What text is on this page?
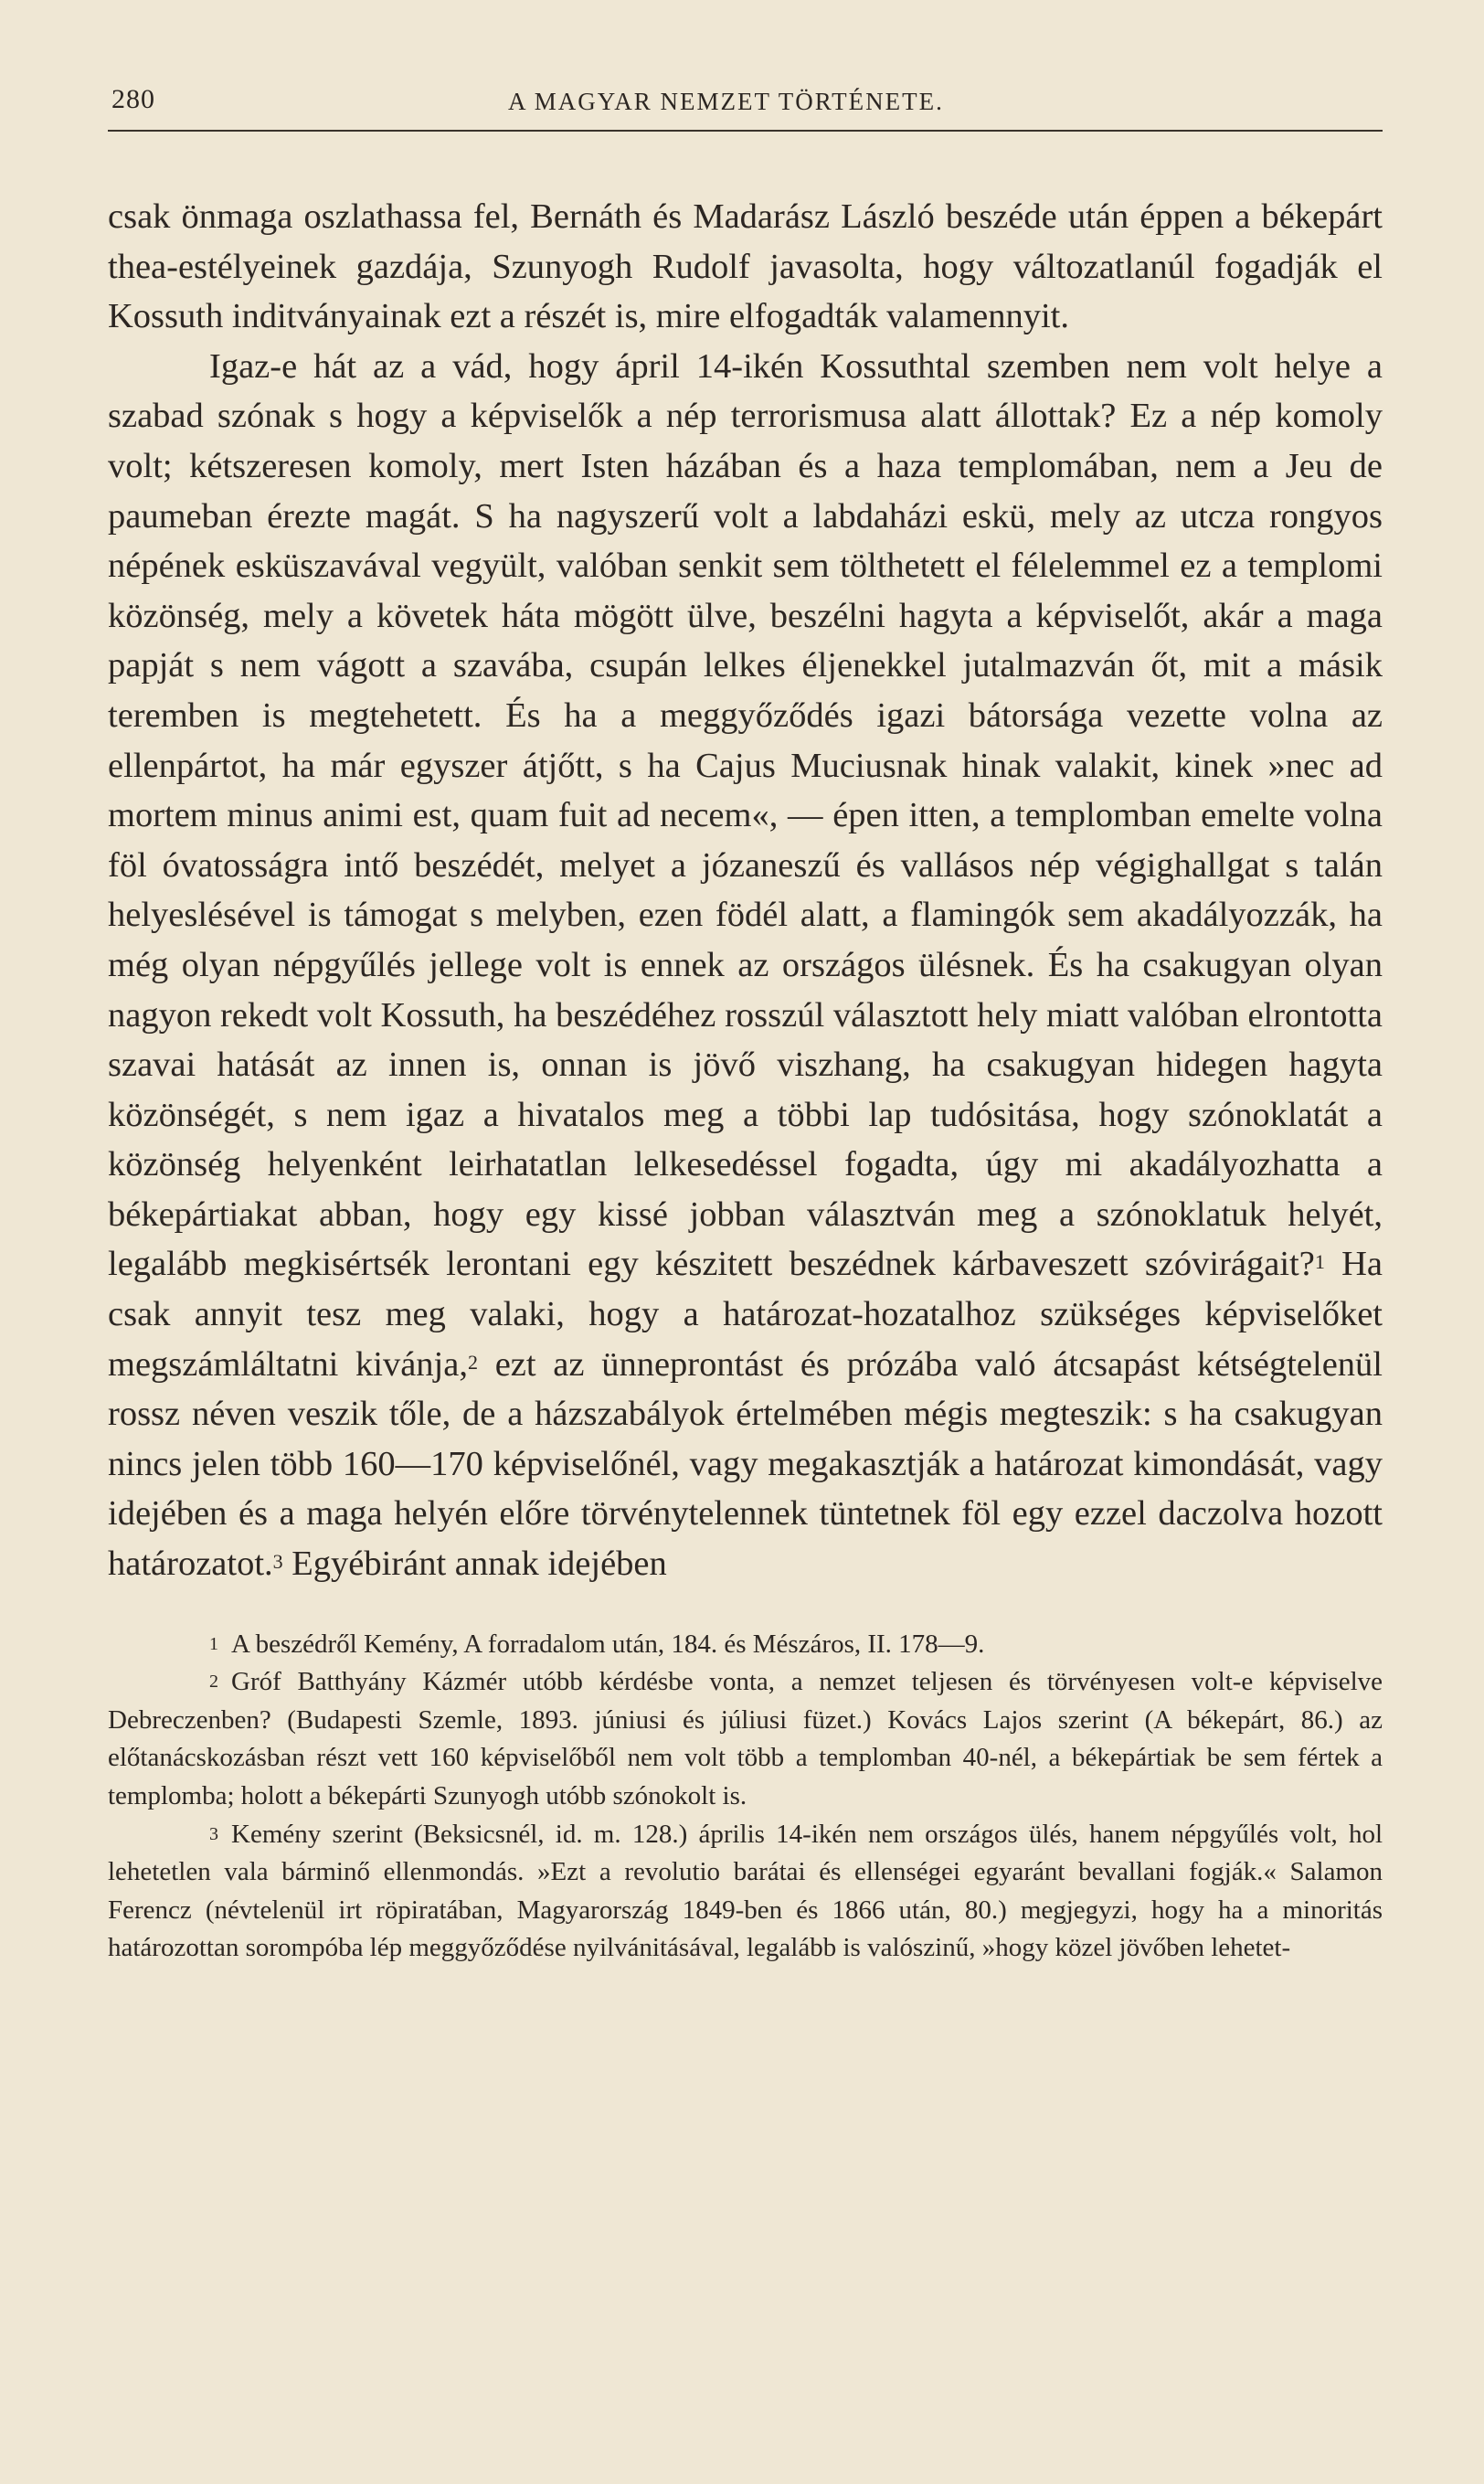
280	A MAGYAR NEMZET TÖRTÉNETE.

csak önmaga oszlathassa fel, Bernáth és Madarász László beszéde után éppen a békepárt thea-estélyeinek gazdája, Szunyogh Rudolf javasolta, hogy változatlanúl fogadják el Kossuth inditványainak ezt a részét is, mire elfogadták valamennyit.

Igaz-e hát az a vád, hogy ápril 14-ikén Kossuthtal szemben nem volt helye a szabad szónak s hogy a képviselők a nép terrorismusa alatt állottak? Ez a nép komoly volt; kétszeresen komoly, mert Isten házában és a haza templomában, nem a Jeu de paumeban érezte magát. S ha nagyszerű volt a labdaházi eskü, mely az utcza rongyos népének esküszavával vegyült, valóban senkit sem tölthetett el félelemmel ez a templomi közönség, mely a követek háta mögött ülve, beszélni hagyta a képviselőt, akár a maga papját s nem vágott a szavába, csupán lelkes éljenekkel jutalmazván őt, mit a másik teremben is megtehetett. És ha a meggyőződés igazi bátorsága vezette volna az ellenpártot, ha már egyszer átjőtt, s ha Cajus Muciusnak hinak valakit, kinek »nec ad mortem minus animi est, quam fuit ad necem«, — épen itten, a templomban emelte volna föl óvatosságra intő beszédét, melyet a józaneszű és vallásos nép végighallgat s talán helyeslésével is támogat s melyben, ezen födél alatt, a flamingók sem akadályozzák, ha még olyan népgyűlés jellege volt is ennek az országos ülésnek. És ha csakugyan olyan nagyon rekedt volt Kossuth, ha beszédéhez rosszúl választott hely miatt valóban elrontotta szavai hatását az innen is, onnan is jövő viszhang, ha csakugyan hidegen hagyta közönségét, s nem igaz a hivatalos meg a többi lap tudósitása, hogy szónoklatát a közönség helyenként leirhatatlan lelkesedéssel fogadta, úgy mi akadályozhatta a békepártiakat abban, hogy egy kissé jobban választván meg a szónoklatuk helyét, legalább megkisértsék lerontani egy készitett beszédnek kárbaveszett szóvirágait?$^1$ Ha csak annyit tesz meg valaki, hogy a határozat-hozatalhoz szükséges képviselőket megszámláltatni kivánja,$^2$ ezt az ünneprontást és prózába való átcsapást kétségtelenül rossz néven veszik tőle, de a házszabályok értelmében mégis megteszik: s ha csakugyan nincs jelen több 160—170 képviselőnél, vagy megakasztják a határozat kimondását, vagy idejében és a maga helyén előre törvénytelennek tüntetnek föl egy ezzel daczolva hozott határozatot.$^3$ Egyébiránt annak idejében

$^1$ A beszédről Kemény, A forradalom után, 184. és Mészáros, II. 178—9.

$^2$ Gróf Batthyány Kázmér utóbb kérdésbe vonta, a nemzet teljesen és törvényesen volt-e képviselve Debreczenben? (Budapesti Szemle, 1893. júniusi és júliusi füzet.) Kovács Lajos szerint (A békepárt, 86.) az előtanácskozásban részt vett 160 képviselőből nem volt több a templomban 40-nél, a békepártiak be sem fértek a templomba; holott a békepárti Szunyogh utóbb szónokolt is.

$^3$ Kemény szerint (Beksicsnél, id. m. 128.) április 14-ikén nem országos ülés, hanem népgyűlés volt, hol lehetetlen vala bárminő ellenmondás. »Ezt a revolutio barátai és ellenségei egyaránt bevallani fogják.« Salamon Ferencz (névtelenül irt röpiratában, Magyarország 1849-ben és 1866 után, 80.) megjegyzi, hogy ha a minoritás határozottan sorompóba lép meggyőződése nyilvánitásával, legalább is valószinű, »hogy közel jövőben lehetet-
